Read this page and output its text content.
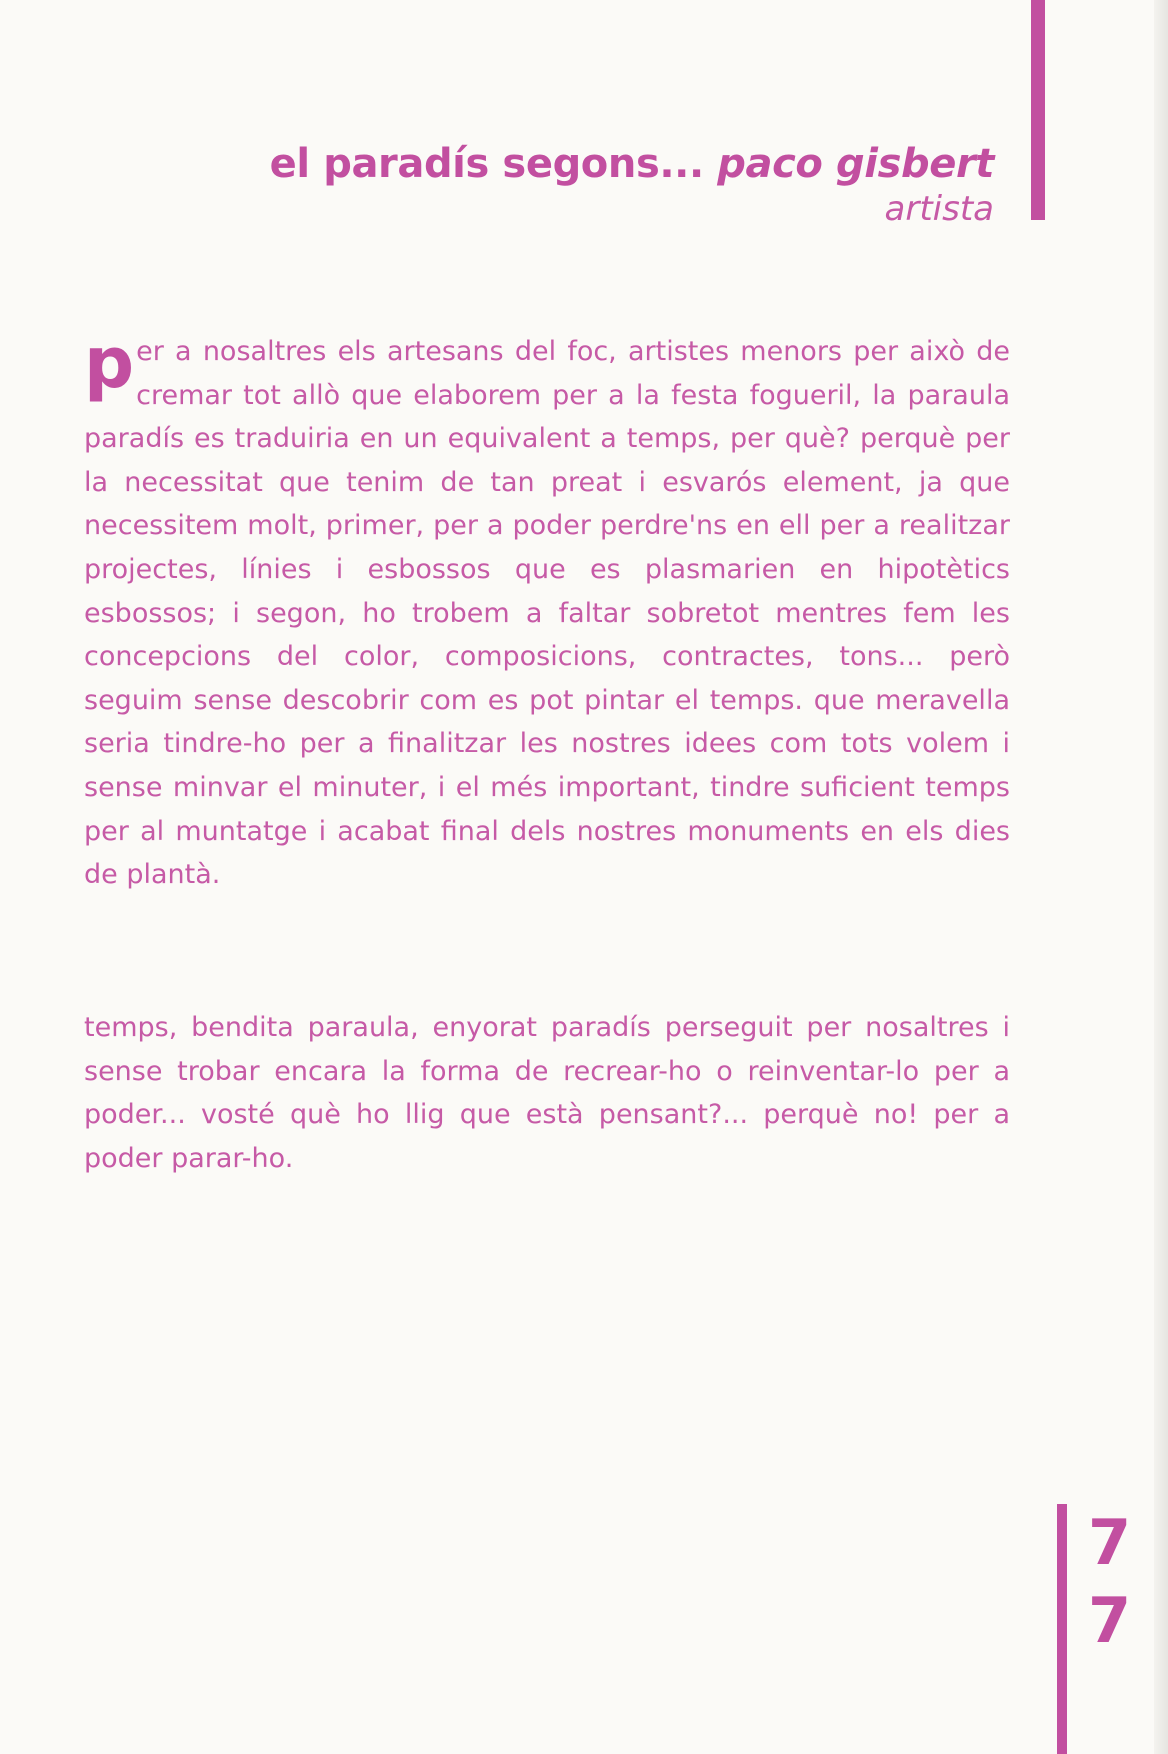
el paradís segons... paco gisbert

artista

per a nosaltres els artesans del foc, artistes menors per això de cremar tot allò que elaborem per a la festa fogueril, la paraula paradís es traduiria en un equivalent a temps, per què? perquè per la necessitat que tenim de tan preat i esvarós element, ja que necessitem molt, primer, per a poder perdre'ns en ell per a realitzar projectes, línies i esbossos que es plasmarien en hipotètics esbossos; i segon, ho trobem a faltar sobretot mentres fem les concepcions del color, composicions, contractes, tons... però seguim sense descobrir com es pot pintar el temps. que meravella seria tindre-ho per a finalitzar les nostres idees com tots volem i sense minvar el minuter, i el més important, tindre suficient temps per al muntatge i acabat final dels nostres monuments en els dies de plantà.
temps, bendita paraula, enyorat paradís perseguit per nosaltres i sense trobar encara la forma de recrear-ho o reinventar-lo per a poder... vosté què ho llig que està pensant?... perquè no! per a poder parar-ho.
7
7
